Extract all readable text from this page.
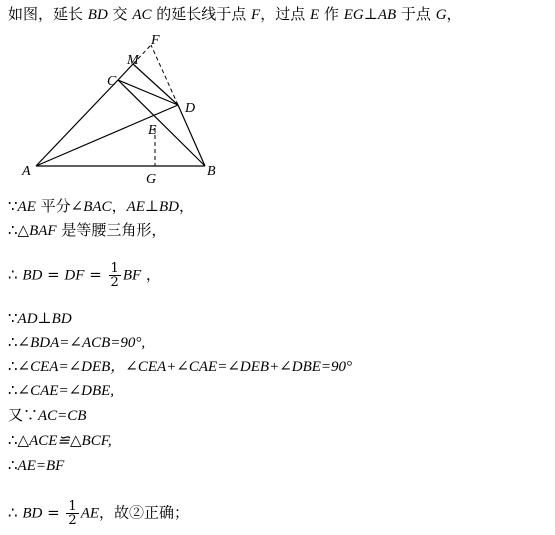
如图，延长 BD 交 AC 的延长线于点 F，过点 E 作 EG⊥AB 于点 G，
A	B
C
D
E
F
G
M
∵AE 平分∠BAC，AE⊥BD，
∴△BAF 是等腰三角形，
∴ BD = DF = $\frac{1}{2}$ BF ，
∵AD⊥BD
∴∠BDA=∠ACB=90°,
∴∠CEA=∠DEB，∠CEA+∠CAE=∠DEB+∠DBE=90°
∴∠CAE=∠DBE,
又∵AC=CB
∴△ACE≌△BCF,
∴AE=BF
∴ BD = $\frac{1}{2}$ AE，故②正确；
